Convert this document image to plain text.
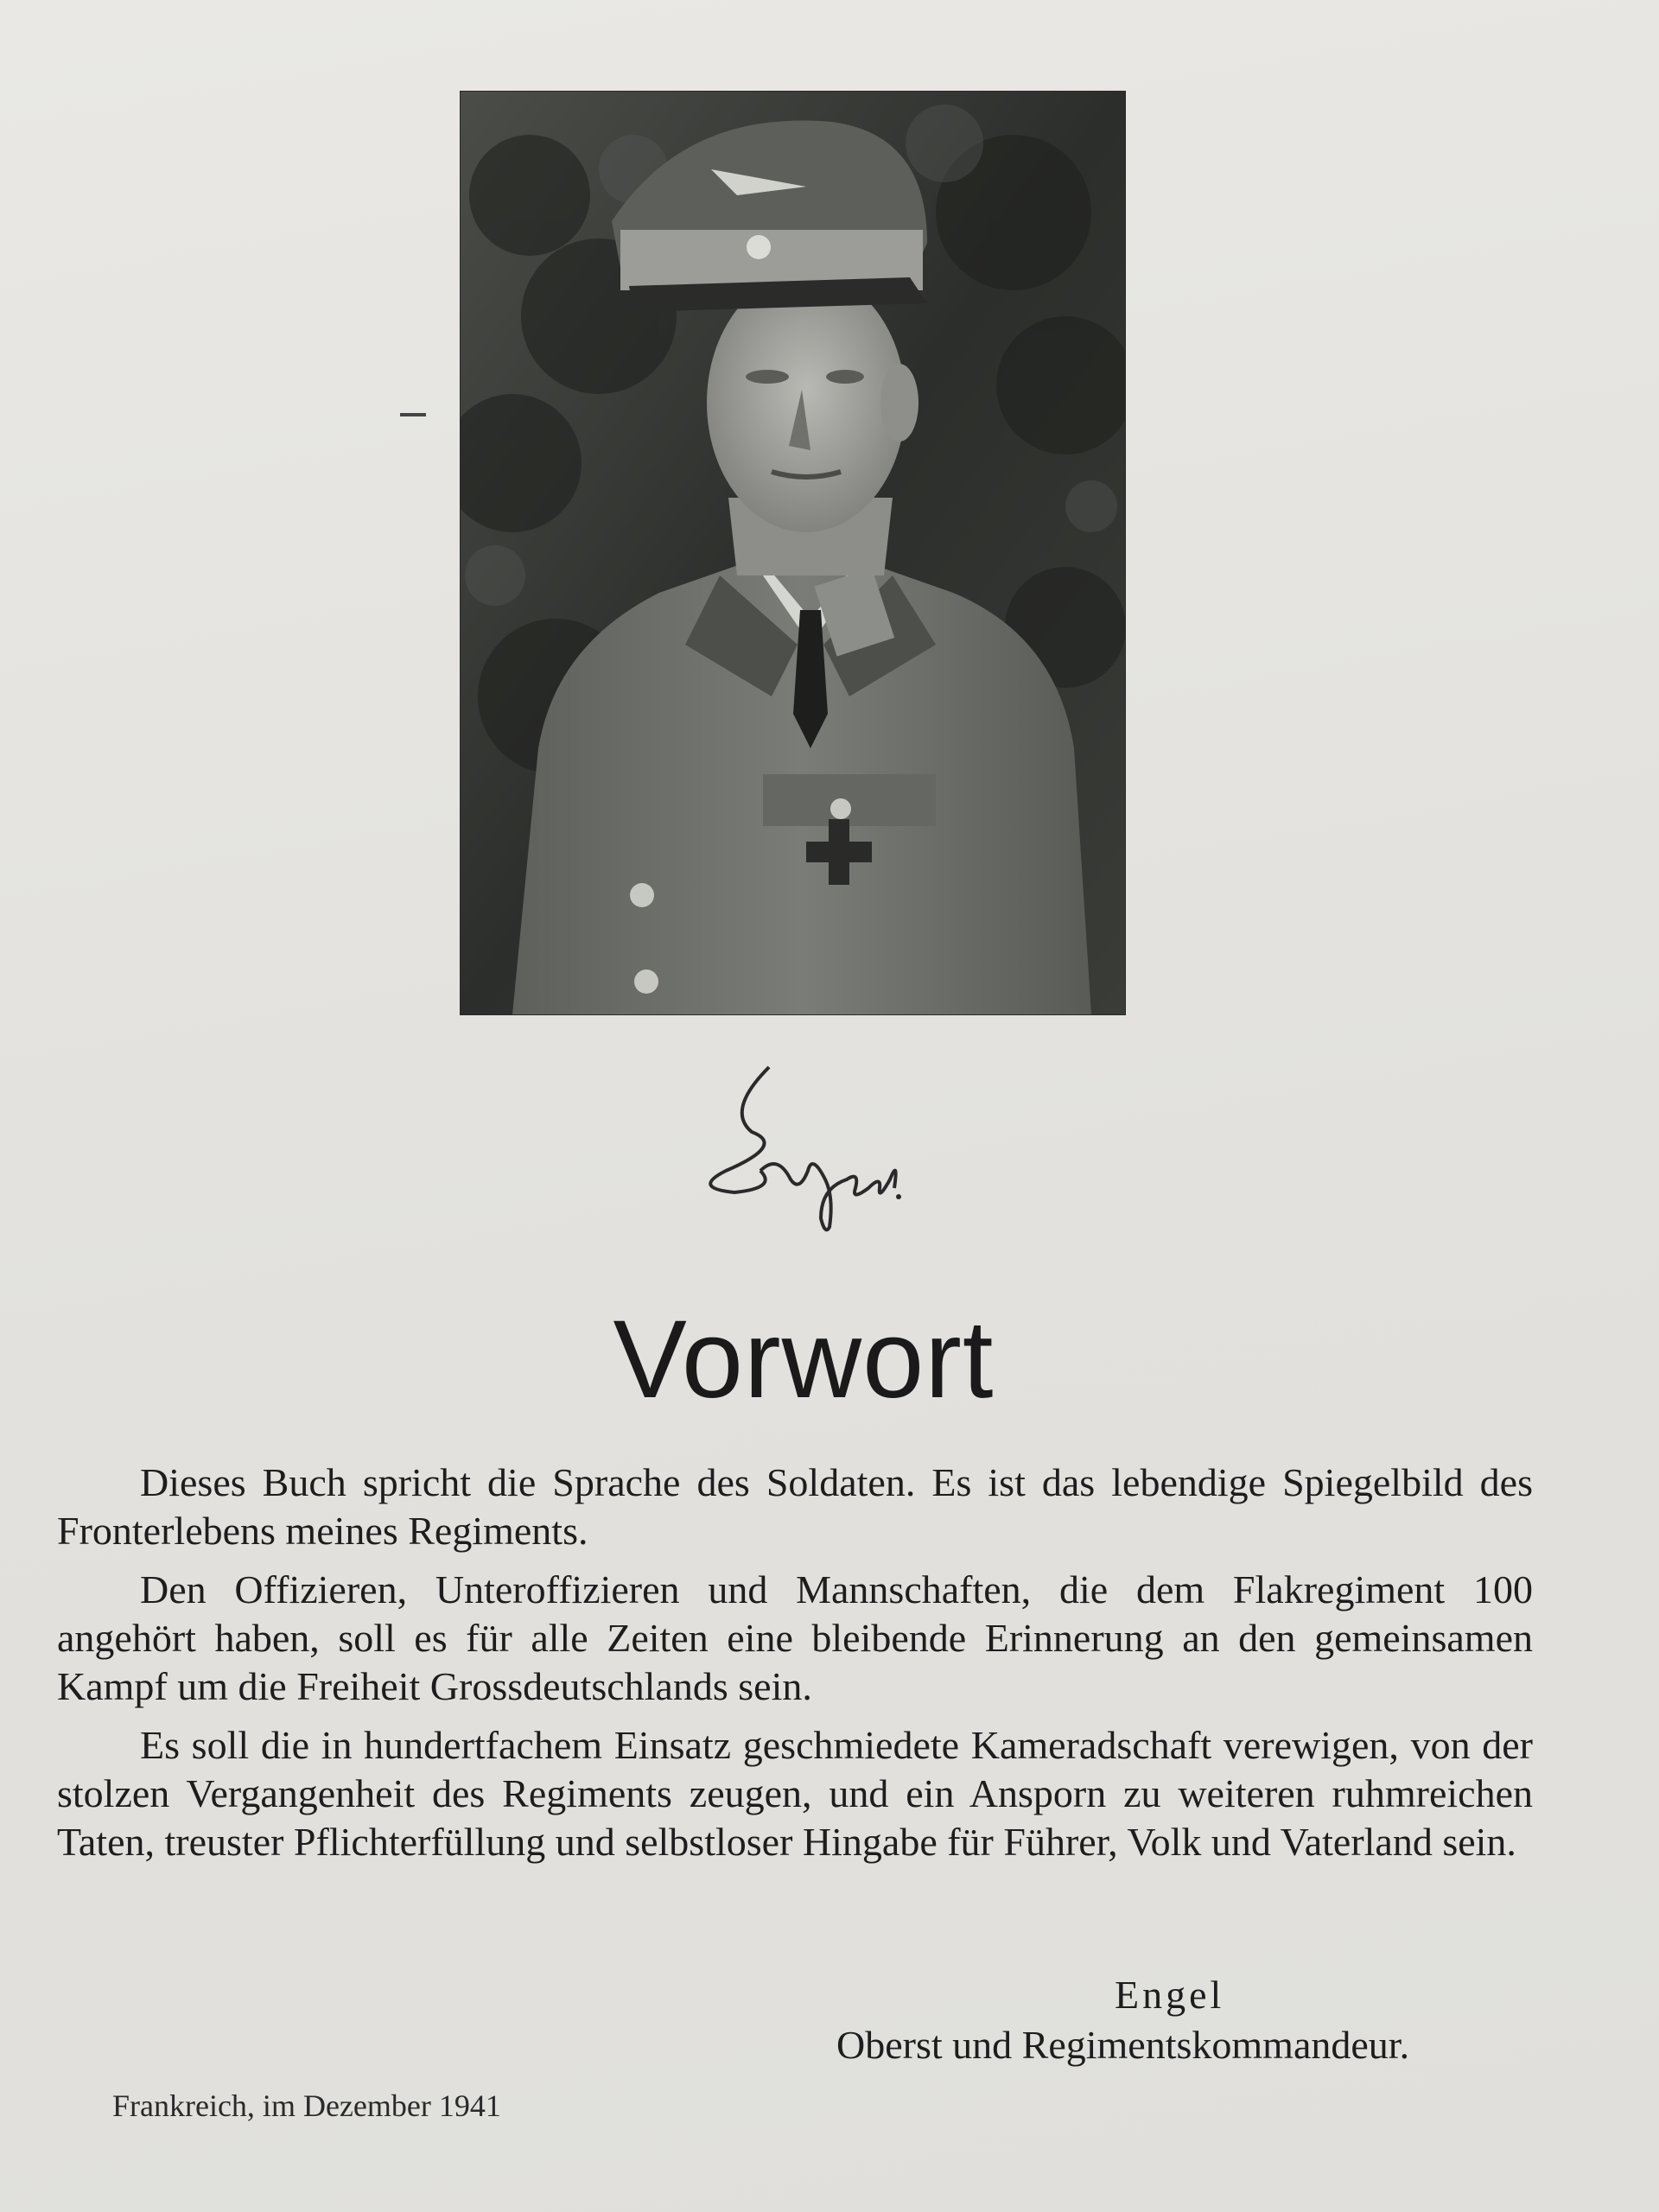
Vorwort

Dieses Buch spricht die Sprache des Soldaten. Es ist das lebendige Spiegelbild des Fronterlebens meines Regiments.

Den Offizieren, Unteroffizieren und Mannschaften, die dem Flakregiment 100 angehört haben, soll es für alle Zeiten eine bleibende Erinnerung an den gemeinsamen Kampf um die Freiheit Grossdeutschlands sein.

Es soll die in hundertfachem Einsatz geschmiedete Kameradschaft verewigen, von der stolzen Vergangenheit des Regiments zeugen, und ein Ansporn zu weiteren ruhmreichen Taten, treuster Pflichterfüllung und selbstloser Hingabe für Führer, Volk und Vaterland sein.

Engel
Oberst und Regimentskommandeur.
Frankreich, im Dezember 1941
